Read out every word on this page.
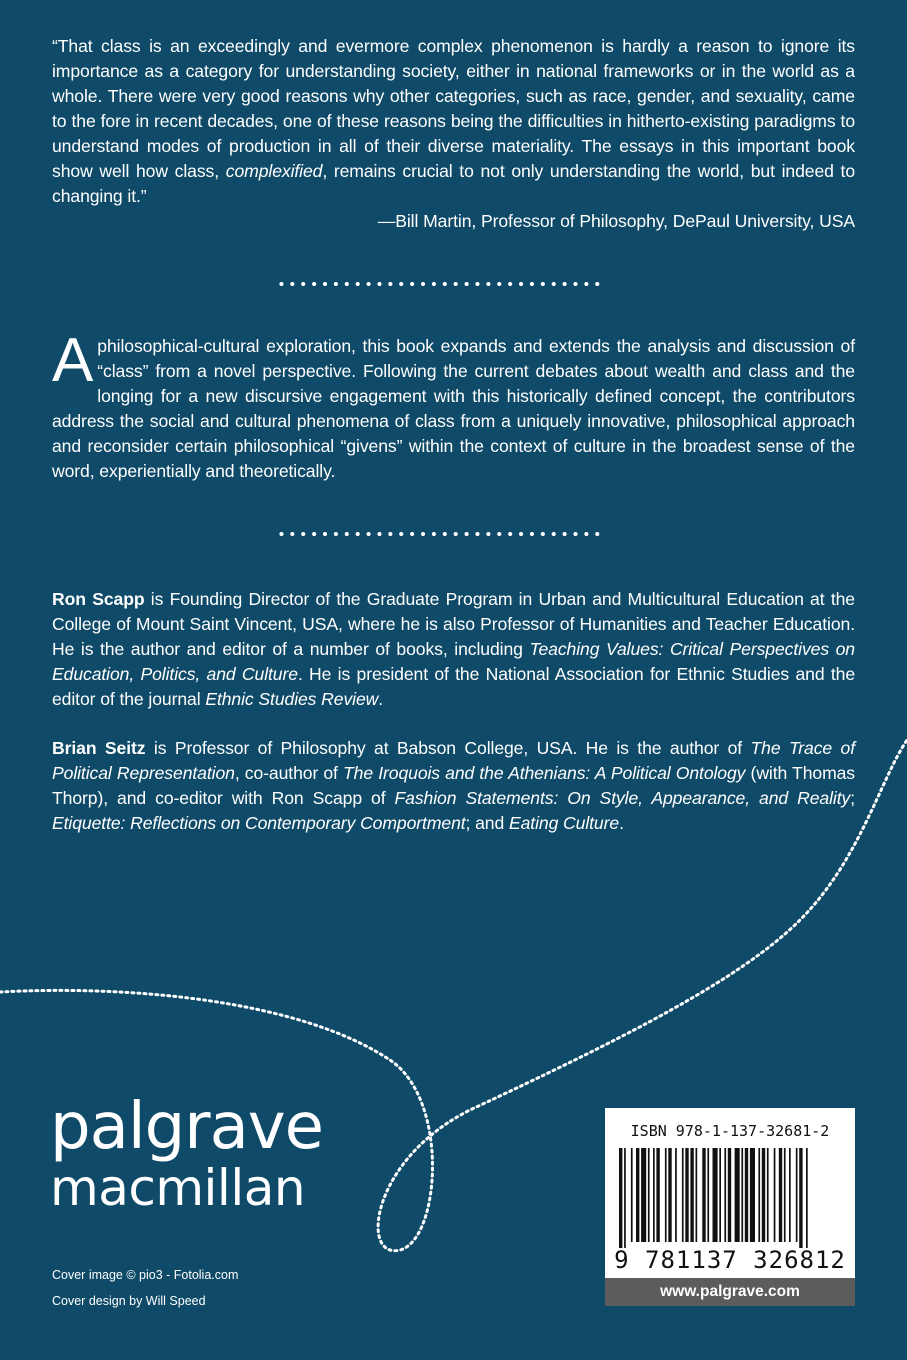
“That class is an exceedingly and evermore complex phenomenon is hardly a reason to ignore its importance as a category for understanding society, either in national frameworks or in the world as a whole. There were very good reasons why other categories, such as race, gender, and sexuality, came to the fore in recent decades, one of these reasons being the difficulties in hitherto-existing paradigms to understand modes of production in all of their diverse materiality. The essays in this important book show well how class, complexified, remains crucial to not only understanding the world, but indeed to changing it.”
—Bill Martin, Professor of Philosophy, DePaul University, USA
Aphilosophical-cultural exploration, this book expands and extends the analysis and discussion of “class” from a novel perspective. Following the current debates about wealth and class and the longing for a new discursive engagement with this historically defined concept, the contributors address the social and cultural phenomena of class from a uniquely innovative, philosophical approach and reconsider certain philosophical “givens” within the context of culture in the broadest sense of the word, experientially and theoretically.
Ron Scapp is Founding Director of the Graduate Program in Urban and Multicultural Education at the College of Mount Saint Vincent, USA, where he is also Professor of Humanities and Teacher Education. He is the author and editor of a number of books, including Teaching Values: Critical Perspectives on Education, Politics, and Culture. He is president of the National Association for Ethnic Studies and the editor of the journal Ethnic Studies Review.
Brian Seitz is Professor of Philosophy at Babson College, USA. He is the author of The Trace of Political Representation, co-author of The Iroquois and the Athenians: A Political Ontology (with Thomas Thorp), and co-editor with Ron Scapp of Fashion Statements: On Style, Appearance, and Reality; Etiquette: Reflections on Contemporary Comportment; and Eating Culture.
palgrave
macmillan
Cover image © pio3 - Fotolia.com
Cover design by Will Speed
ISBN 978-1-137-32681-2
9 781137 326812
www.palgrave.com
